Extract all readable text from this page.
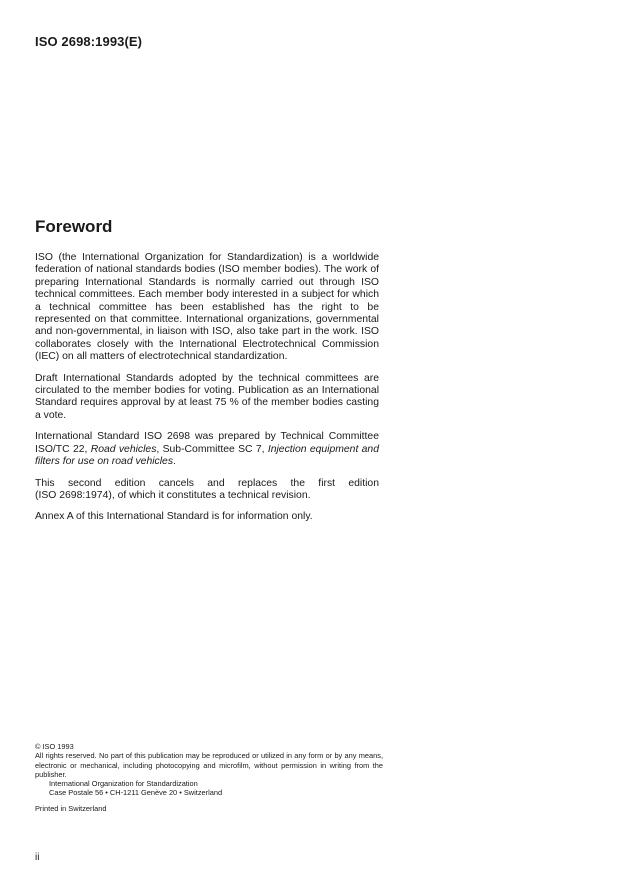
ISO 2698:1993(E)
Foreword

ISO (the International Organization for Standardization) is a worldwide federation of national standards bodies (ISO member bodies). The work of preparing International Standards is normally carried out through ISO technical committees. Each member body interested in a subject for which a technical committee has been established has the right to be represented on that committee. International organizations, governmental and non-governmental, in liaison with ISO, also take part in the work. ISO collaborates closely with the International Electrotechnical Commission (IEC) on all matters of electrotechnical standardization.

Draft International Standards adopted by the technical committees are circulated to the member bodies for voting. Publication as an International Standard requires approval by at least 75 % of the member bodies casting a vote.

International Standard ISO 2698 was prepared by Technical Committee ISO/TC 22, Road vehicles, Sub-Committee SC 7, Injection equipment and filters for use on road vehicles.

This second edition cancels and replaces the first edition
(ISO 2698:1974), of which it constitutes a technical revision.

Annex A of this International Standard is for information only.

© ISO 1993

All rights reserved. No part of this publication may be reproduced or utilized in any form or by any means, electronic or mechanical, including photocopying and microfilm, without permission in writing from the publisher.

International Organization for Standardization

Case Postale 56 • CH-1211 Genève 20 • Switzerland

Printed in Switzerland

ii
